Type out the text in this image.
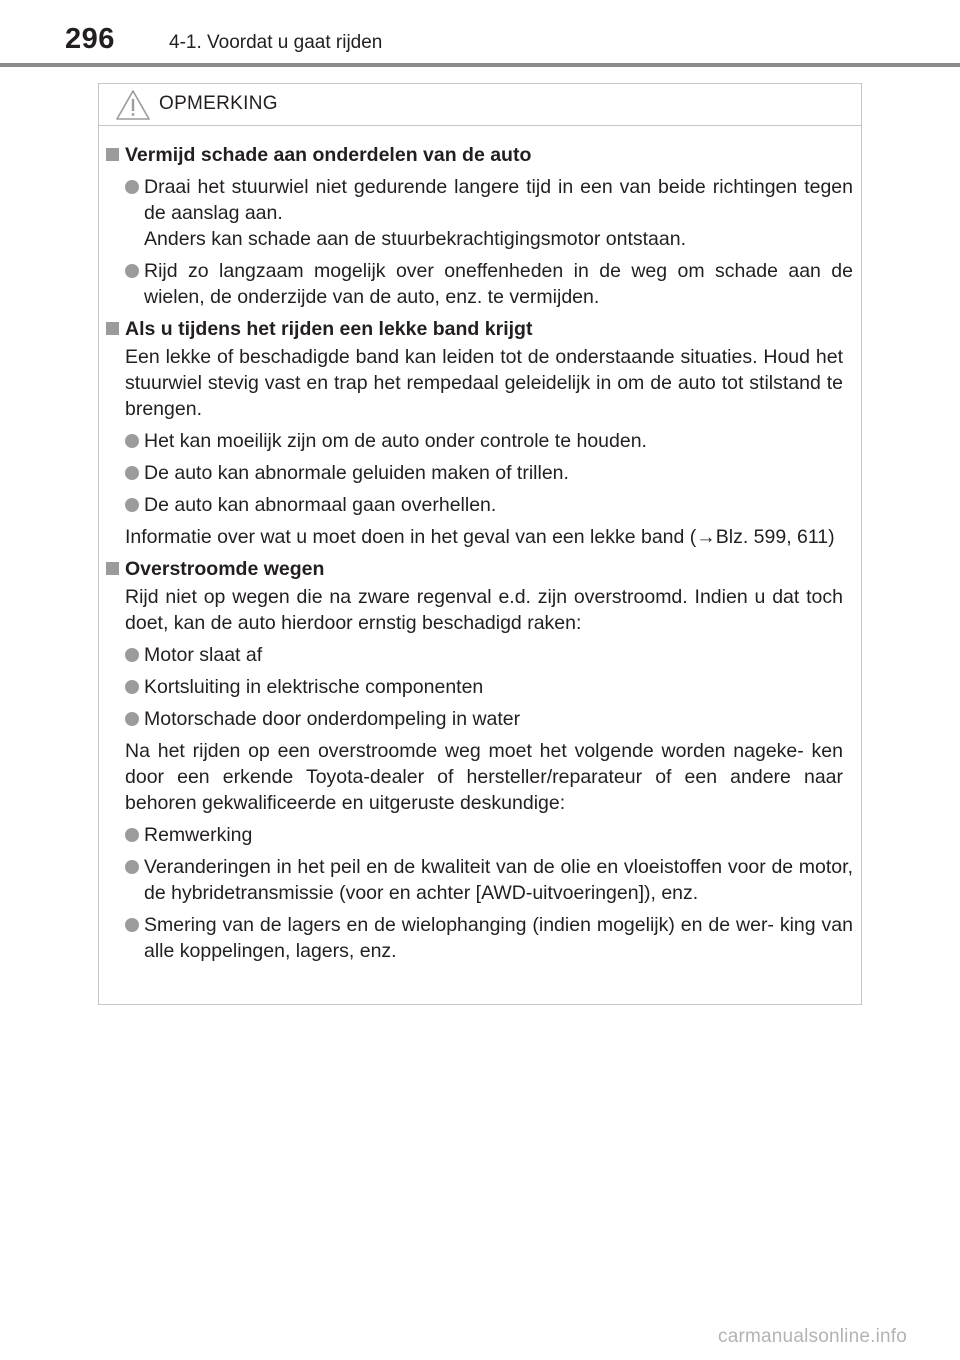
296	4-1. Voordat u gaat rijden
OPMERKING
Vermijd schade aan onderdelen van de auto
Draai het stuurwiel niet gedurende langere tijd in een van beide richtingen tegen de aanslag aan.
Anders kan schade aan de stuurbekrachtigingsmotor ontstaan.
Rijd zo langzaam mogelijk over oneffenheden in de weg om schade aan de wielen, de onderzijde van de auto, enz. te vermijden.
Als u tijdens het rijden een lekke band krijgt
Een lekke of beschadigde band kan leiden tot de onderstaande situaties. Houd het stuurwiel stevig vast en trap het rempedaal geleidelijk in om de auto tot stilstand te brengen.
Het kan moeilijk zijn om de auto onder controle te houden.
De auto kan abnormale geluiden maken of trillen.
De auto kan abnormaal gaan overhellen.
Informatie over wat u moet doen in het geval van een lekke band (→Blz. 599, 611)
Overstroomde wegen
Rijd niet op wegen die na zware regenval e.d. zijn overstroomd. Indien u dat toch doet, kan de auto hierdoor ernstig beschadigd raken:
Motor slaat af
Kortsluiting in elektrische componenten
Motorschade door onderdompeling in water
Na het rijden op een overstroomde weg moet het volgende worden nageke- ken door een erkende Toyota-dealer of hersteller/reparateur of een andere naar behoren gekwalificeerde en uitgeruste deskundige:
Remwerking
Veranderingen in het peil en de kwaliteit van de olie en vloeistoffen voor de motor, de hybridetransmissie (voor en achter [AWD-uitvoeringen]), enz.
Smering van de lagers en de wielophanging (indien mogelijk) en de wer- king van alle koppelingen, lagers, enz.
carmanualsonline.info
